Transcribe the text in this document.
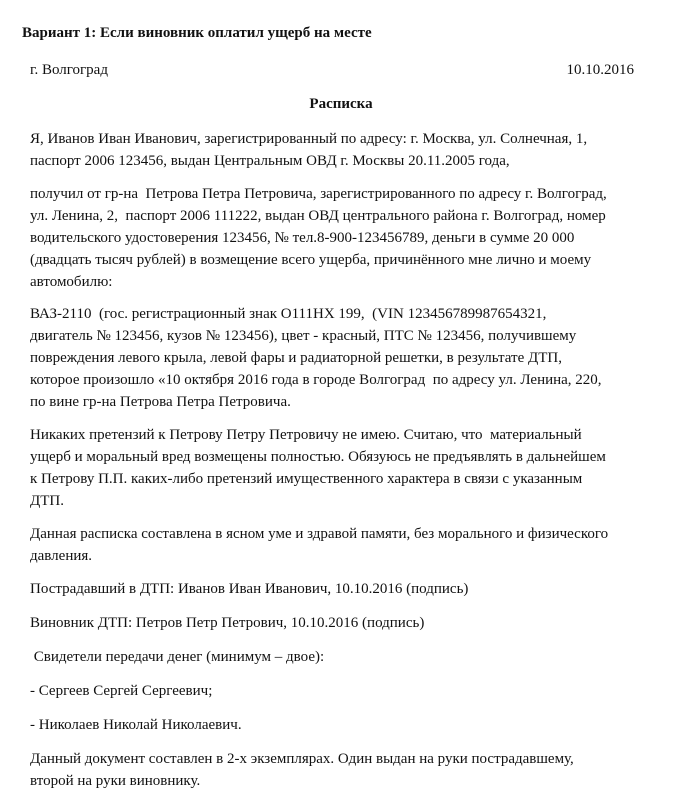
Вариант 1: Если виновник оплатил ущерб на месте
г. Волгоград	10.10.2016
Расписка
Я, Иванов Иван Иванович, зарегистрированный по адресу: г. Москва, ул. Солнечная, 1,
паспорт 2006 123456, выдан Центральным ОВД г. Москвы 20.11.2005 года,
получил от гр-на  Петрова Петра Петровича, зарегистрированного по адресу г. Волгоград,
ул. Ленина, 2,  паспорт 2006 111222, выдан ОВД центрального района г. Волгоград, номер
водительского удостоверения 123456, № тел.8-900-123456789, деньги в сумме 20 000
(двадцать тысяч рублей) в возмещение всего ущерба, причинённого мне лично и моему
автомобилю:
ВАЗ-2110  (гос. регистрационный знак О111НХ 199,  (VIN 123456789987654321,
двигатель № 123456, кузов № 123456), цвет - красный, ПТС № 123456, получившему
повреждения левого крыла, левой фары и радиаторной решетки, в результате ДТП,
которое произошло «10 октября 2016 года в городе Волгоград  по адресу ул. Ленина, 220,
по вине гр-на Петрова Петра Петровича.
Никаких претензий к Петрову Петру Петровичу не имею. Считаю, что  материальный
ущерб и моральный вред возмещены полностью. Обязуюсь не предъявлять в дальнейшем
к Петрову П.П. каких-либо претензий имущественного характера в связи с указанным
ДТП.
Данная расписка составлена в ясном уме и здравой памяти, без морального и физического
давления.
Пострадавший в ДТП: Иванов Иван Иванович, 10.10.2016 (подпись)
Виновник ДТП: Петров Петр Петрович, 10.10.2016 (подпись)
Свидетели передачи денег (минимум – двое):
- Сергеев Сергей Сергеевич;
- Николаев Николай Николаевич.
Данный документ составлен в 2-х экземплярах. Один выдан на руки пострадавшему,
второй на руки виновнику.
